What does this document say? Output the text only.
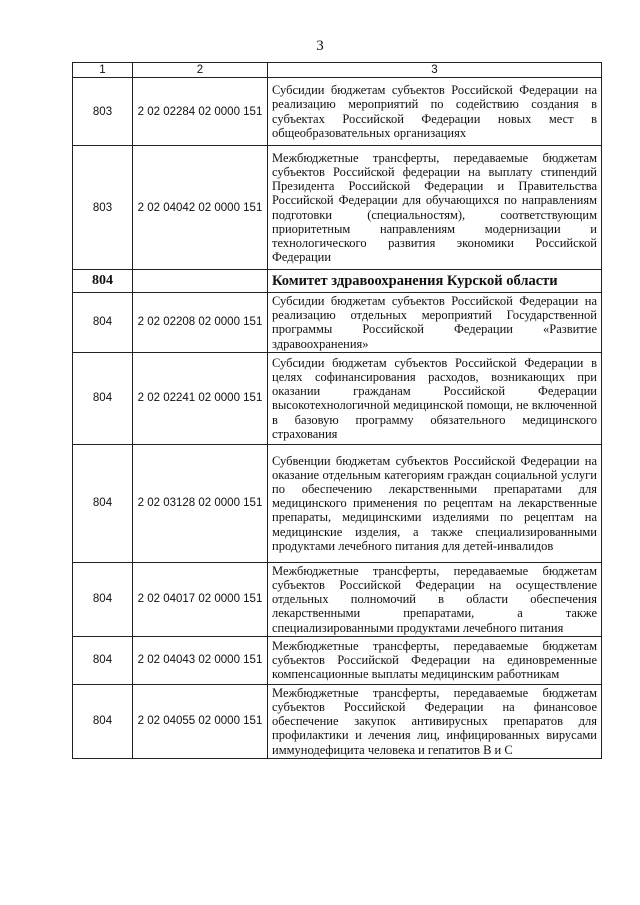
3
1	2	3
803	2 02 02284 02 0000 151	Субсидии бюджетам субъектов Российской Федерации на реализацию мероприятий по содействию создания в субъектах Российской Федерации новых мест в общеобразовательных организациях
803	2 02 04042 02 0000 151	Межбюджетные трансферты, передаваемые бюджетам субъектов Российской федерации на выплату стипендий Президента Российской Федерации и Правительства Российской Федерации для обучающихся по направлениям подготовки (специальностям), соответствующим приоритетным направлениям модернизации и технологического развития экономики Российской Федерации
804		Комитет здравоохранения Курской области
804	2 02 02208 02 0000 151	Субсидии бюджетам субъектов Российской Федерации на реализацию отдельных мероприятий Государственной программы Российской Федерации «Развитие здравоохранения»
804	2 02 02241 02 0000 151	Субсидии бюджетам субъектов Российской Федерации в целях софинансирования расходов, возникающих при оказании гражданам Российской Федерации высокотехнологичной медицинской помощи, не включенной в базовую программу обязательного медицинского страхования
804	2 02 03128 02 0000 151	Субвенции бюджетам субъектов Российской Федерации на оказание отдельным категориям граждан социальной услуги по обеспечению лекарственными препаратами для медицинского применения по рецептам на лекарственные препараты, медицинскими изделиями по рецептам на медицинские изделия, а также специализированными продуктами лечебного питания для детей-инвалидов
804	2 02 04017 02 0000 151	Межбюджетные трансферты, передаваемые бюджетам субъектов Российской Федерации на осуществление отдельных полномочий в области обеспечения лекарственными препаратами, а также специализированными продуктами лечебного питания
804	2 02 04043 02 0000 151	Межбюджетные трансферты, передаваемые бюджетам субъектов Российской Федерации на единовременные компенсационные выплаты медицинским работникам
804	2 02 04055 02 0000 151	Межбюджетные трансферты, передаваемые бюджетам субъектов Российской Федерации на финансовое обеспечение закупок антивирусных препаратов для профилактики и лечения лиц, инфицированных вирусами иммунодефицита человека и гепатитов В и С
